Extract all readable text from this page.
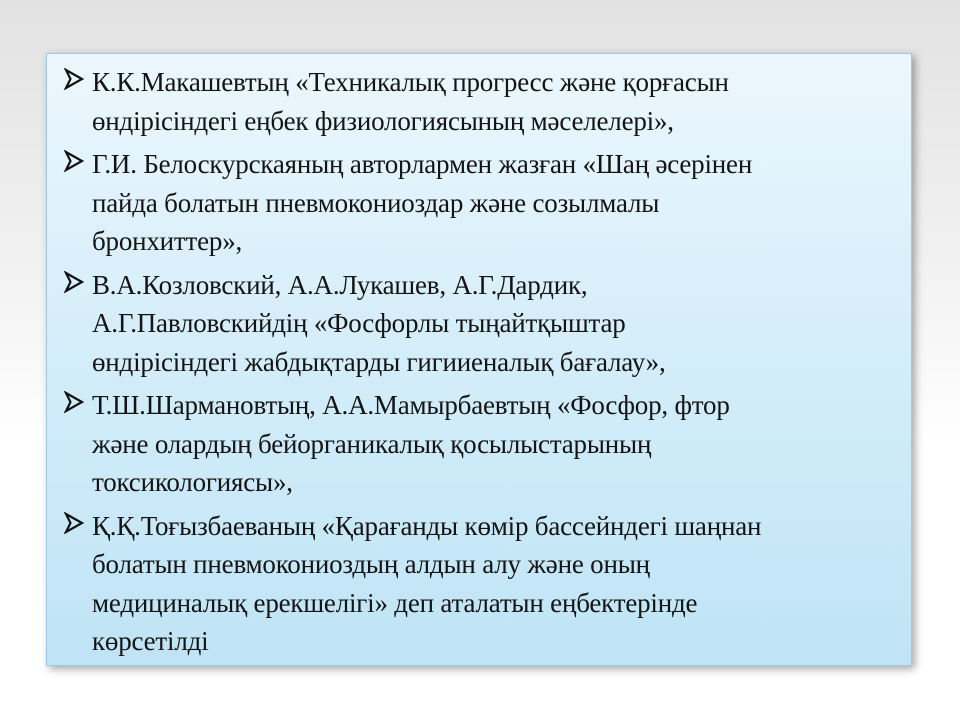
К.К.Макашевтың «Техникалық прогресс және қорғасын
өндірісіндегі еңбек физиологиясының мәселелері»,
Г.И. Белоскурскаяның авторлармен жазған «Шаң әсерінен
пайда болатын пневмокониоздар және созылмалы
бронхиттер»,
В.А.Козловский, А.А.Лукашев, А.Г.Дардик,
А.Г.Павловскийдің «Фосфорлы тыңайтқыштар
өндірісіндегі жабдықтарды гигииеналық бағалау»,
Т.Ш.Шармановтың, А.А.Мамырбаевтың «Фосфор, фтор
және олардың бейорганикалық қосылыстарының
токсикологиясы»,
Қ.Қ.Тоғызбаеваның «Қарағанды көмір бассейндегі шаңнан
болатын пневмокониоздың алдын алу және оның
медициналық ерекшелігі» деп аталатын еңбектерінде
көрсетілді
